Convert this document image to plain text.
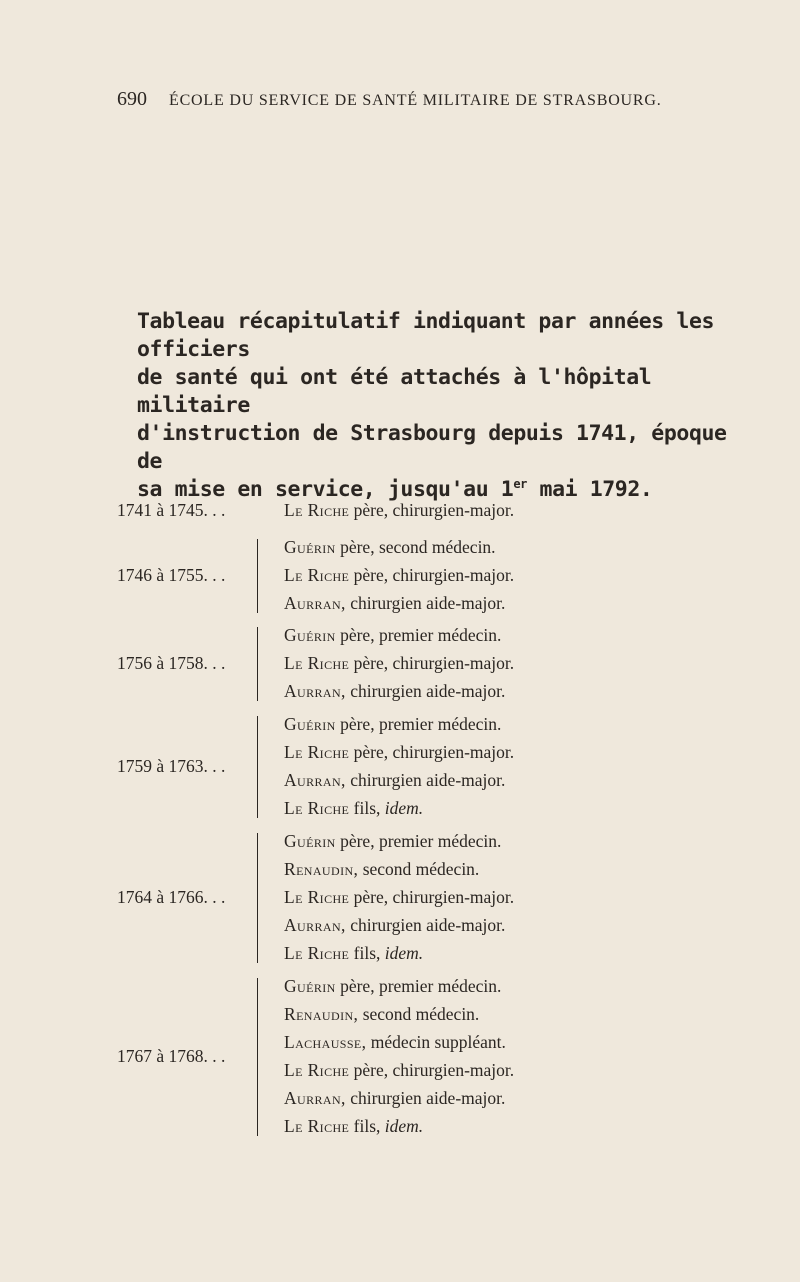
690 ÉCOLE DU SERVICE DE SANTÉ MILITAIRE DE STRASBOURG.
Tableau récapitulatif indiquant par années les officiers
de santé qui ont été attachés à l'hôpital militaire
d'instruction de Strasbourg depuis 1741, époque de
sa mise en service, jusqu'au 1er mai 1792.
1741 à 1745. . .	Le Riche père, chirurgien-major.
1746 à 1755. . .
Guérin père, second médecin.
Le Riche père, chirurgien-major.
Aurran, chirurgien aide-major.
1756 à 1758. . .
Guérin père, premier médecin.
Le Riche père, chirurgien-major.
Aurran, chirurgien aide-major.
1759 à 1763. . .
Guérin père, premier médecin.
Le Riche père, chirurgien-major.
Aurran, chirurgien aide-major.
Le Riche fils, idem.
1764 à 1766. . .
Guérin père, premier médecin.
Renaudin, second médecin.
Le Riche père, chirurgien-major.
Aurran, chirurgien aide-major.
Le Riche fils, idem.
1767 à 1768. . .
Guérin père, premier médecin.
Renaudin, second médecin.
Lachausse, médecin suppléant.
Le Riche père, chirurgien-major.
Aurran, chirurgien aide-major.
Le Riche fils, idem.
